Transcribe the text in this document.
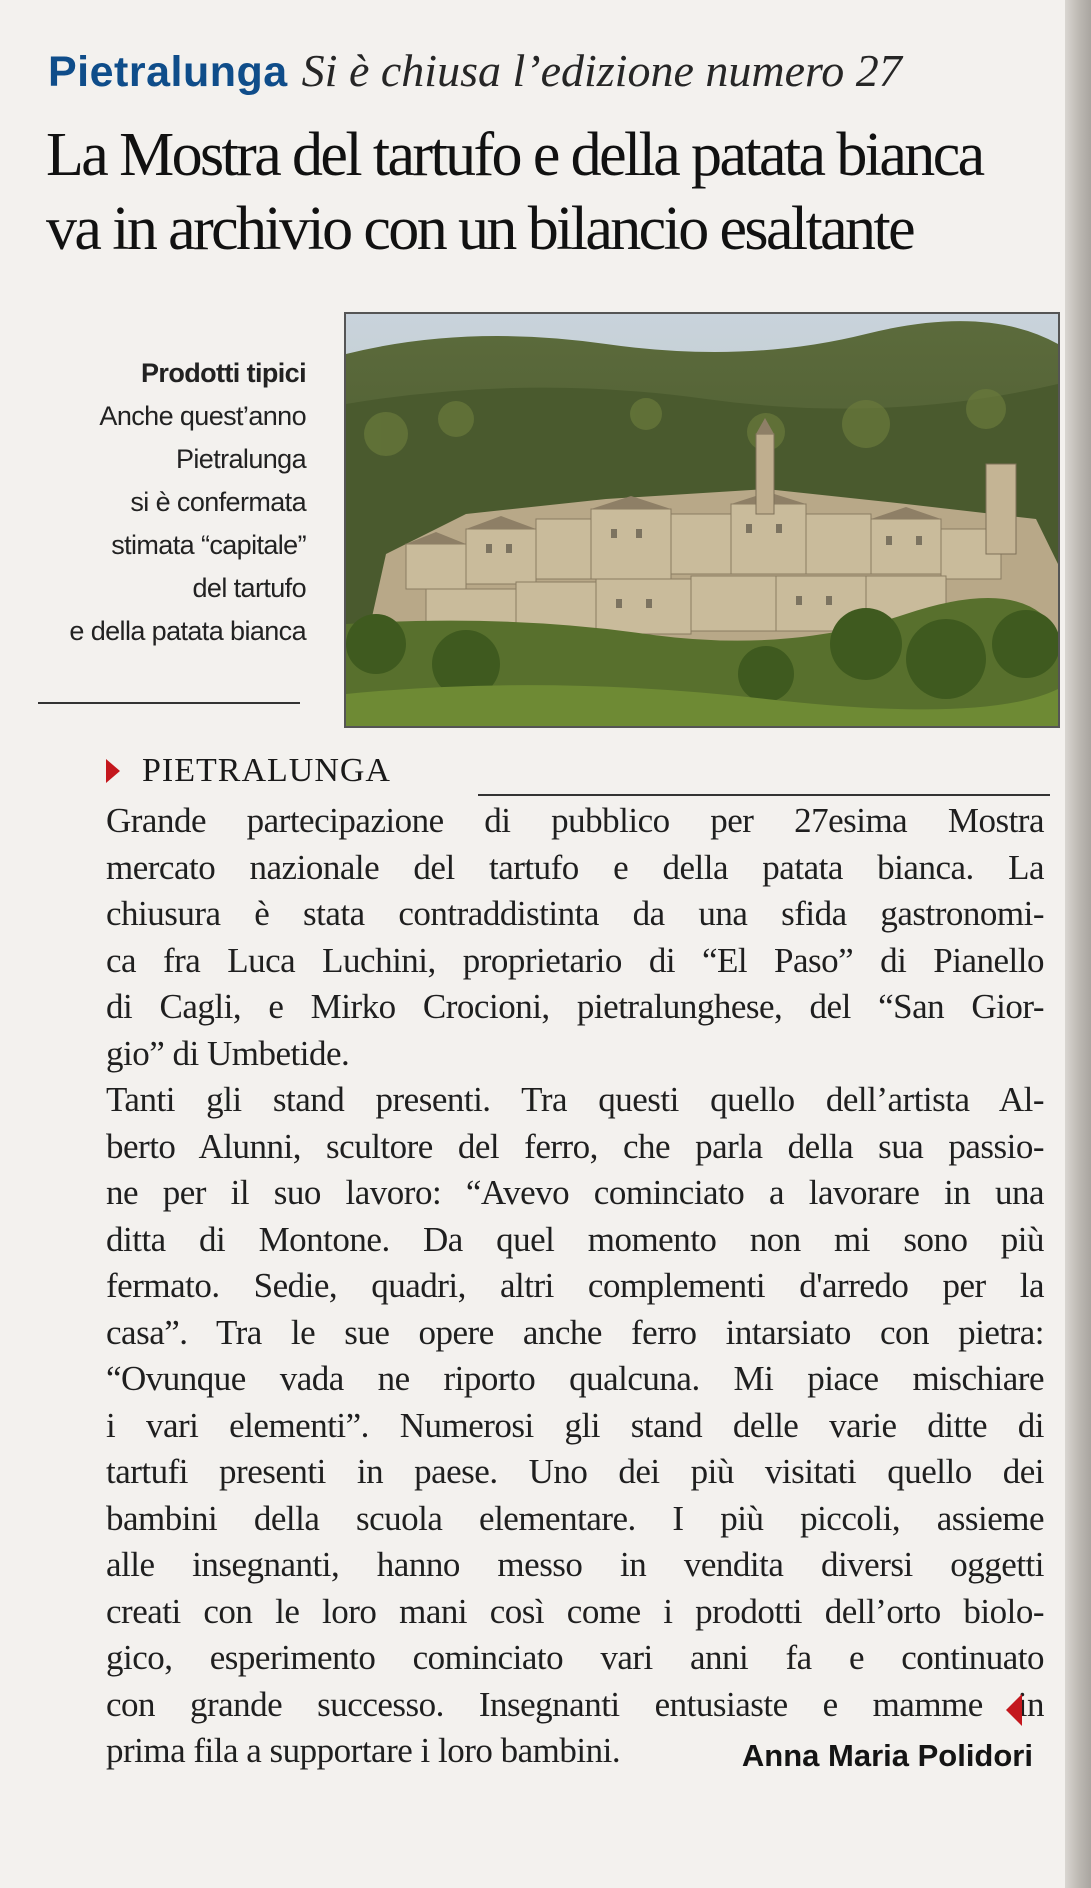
Pietralunga Si è chiusa l’edizione numero 27
La Mostra del tartufo e della patata bianca
va in archivio con un bilancio esaltante
Prodotti tipici
Anche quest’anno
Pietralunga
si è confermata
stimata “capitale”
del tartufo
e della patata bianca
PIETRALUNGA
Grande partecipazione di pubblico per 27esima Mostra
mercato nazionale del tartufo e della patata bianca. La
chiusura è stata contraddistinta da una sfida gastronomi-
ca fra Luca Luchini, proprietario di “El Paso” di Pianello
di Cagli, e Mirko Crocioni, pietralunghese, del “San Gior-
gio” di Umbetide.
Tanti gli stand presenti. Tra questi quello dell’artista Al-
berto Alunni, scultore del ferro, che parla della sua passio-
ne per il suo lavoro: “Avevo cominciato a lavorare in una
ditta di Montone. Da quel momento non mi sono più
fermato. Sedie, quadri, altri complementi d'arredo per la
casa”. Tra le sue opere anche ferro intarsiato con pietra:
“Ovunque vada ne riporto qualcuna. Mi piace mischiare
i vari elementi”. Numerosi gli stand delle varie ditte di
tartufi presenti in paese. Uno dei più visitati quello dei
bambini della scuola elementare. I più piccoli, assieme
alle insegnanti, hanno messo in vendita diversi oggetti
creati con le loro mani così come i prodotti dell’orto biolo-
gico, esperimento cominciato vari anni fa e continuato
con grande successo. Insegnanti entusiaste e mamme in
prima fila a supportare i loro bambini.	Anna Maria Polidori
